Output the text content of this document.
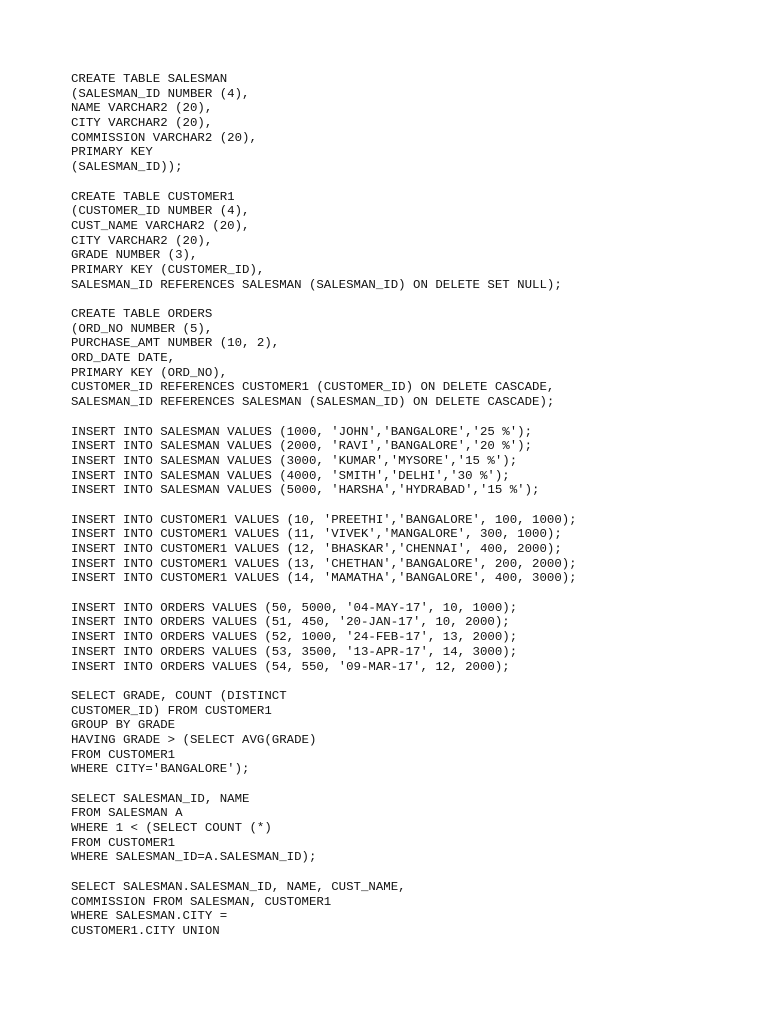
CREATE TABLE SALESMAN
(SALESMAN_ID NUMBER (4),
NAME VARCHAR2 (20),
CITY VARCHAR2 (20),
COMMISSION VARCHAR2 (20),
PRIMARY KEY
(SALESMAN_ID));
CREATE TABLE CUSTOMER1
(CUSTOMER_ID NUMBER (4),
CUST_NAME VARCHAR2 (20),
CITY VARCHAR2 (20),
GRADE NUMBER (3),
PRIMARY KEY (CUSTOMER_ID),
SALESMAN_ID REFERENCES SALESMAN (SALESMAN_ID) ON DELETE SET NULL);
CREATE TABLE ORDERS
(ORD_NO NUMBER (5),
PURCHASE_AMT NUMBER (10, 2),
ORD_DATE DATE,
PRIMARY KEY (ORD_NO),
CUSTOMER_ID REFERENCES CUSTOMER1 (CUSTOMER_ID) ON DELETE CASCADE,
SALESMAN_ID REFERENCES SALESMAN (SALESMAN_ID) ON DELETE CASCADE);
INSERT INTO SALESMAN VALUES (1000, 'JOHN','BANGALORE','25 %');
INSERT INTO SALESMAN VALUES (2000, 'RAVI','BANGALORE','20 %');
INSERT INTO SALESMAN VALUES (3000, 'KUMAR','MYSORE','15 %');
INSERT INTO SALESMAN VALUES (4000, 'SMITH','DELHI','30 %');
INSERT INTO SALESMAN VALUES (5000, 'HARSHA','HYDRABAD','15 %');
INSERT INTO CUSTOMER1 VALUES (10, 'PREETHI','BANGALORE', 100, 1000);
INSERT INTO CUSTOMER1 VALUES (11, 'VIVEK','MANGALORE', 300, 1000);
INSERT INTO CUSTOMER1 VALUES (12, 'BHASKAR','CHENNAI', 400, 2000);
INSERT INTO CUSTOMER1 VALUES (13, 'CHETHAN','BANGALORE', 200, 2000);
INSERT INTO CUSTOMER1 VALUES (14, 'MAMATHA','BANGALORE', 400, 3000);
INSERT INTO ORDERS VALUES (50, 5000, '04-MAY-17', 10, 1000);
INSERT INTO ORDERS VALUES (51, 450, '20-JAN-17', 10, 2000);
INSERT INTO ORDERS VALUES (52, 1000, '24-FEB-17', 13, 2000);
INSERT INTO ORDERS VALUES (53, 3500, '13-APR-17', 14, 3000);
INSERT INTO ORDERS VALUES (54, 550, '09-MAR-17', 12, 2000);
SELECT GRADE, COUNT (DISTINCT
CUSTOMER_ID) FROM CUSTOMER1
GROUP BY GRADE
HAVING GRADE > (SELECT AVG(GRADE)
FROM CUSTOMER1
WHERE CITY='BANGALORE');
SELECT SALESMAN_ID, NAME
FROM SALESMAN A
WHERE 1 < (SELECT COUNT (*)
FROM CUSTOMER1
WHERE SALESMAN_ID=A.SALESMAN_ID);
SELECT SALESMAN.SALESMAN_ID, NAME, CUST_NAME,
COMMISSION FROM SALESMAN, CUSTOMER1
WHERE SALESMAN.CITY =
CUSTOMER1.CITY UNION
